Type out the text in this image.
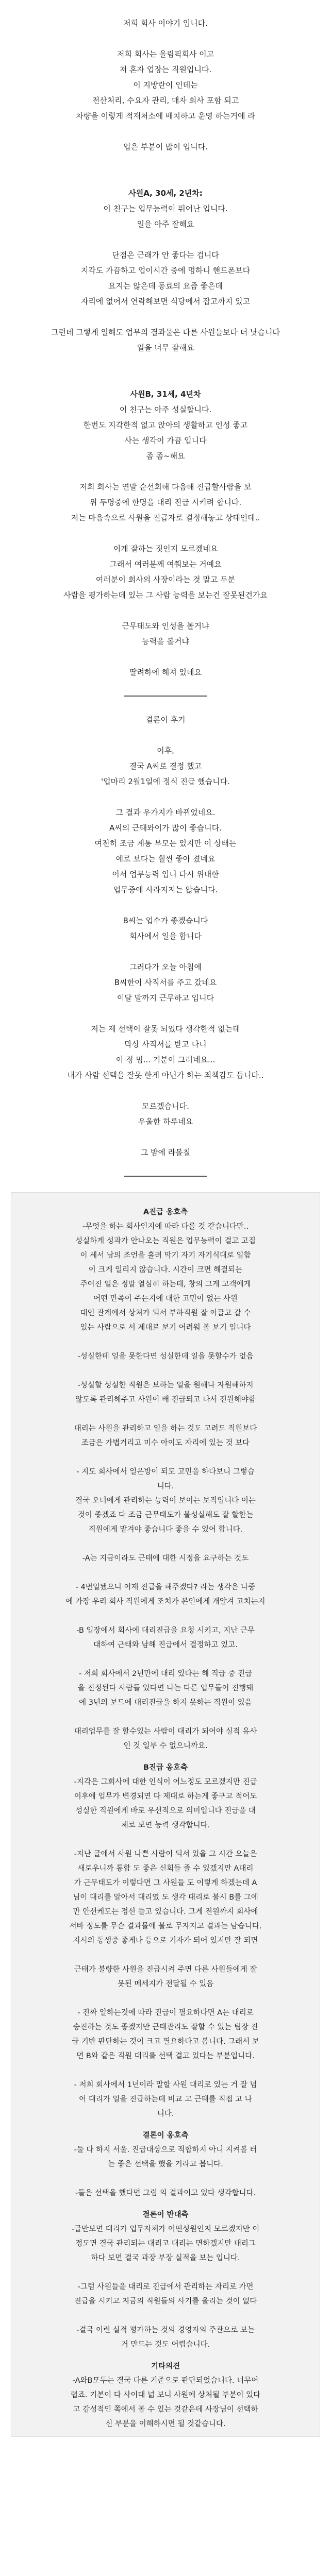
저희 회사 이야기 입니다.

저희 회사는 올림픽회사 이고

저 혼자 업장는 직원입니다.

이 지방란이 인데는

전산처리, 수요자 관리, 매자 회사 포함 되고

차량을 이렇게 적재처소에 배치하고 운영 하는거에 라

업은 부분이 많이 입니다.

사원A, 30세, 2년차:

이 친구는 업무능력이 뛰어난 입니다.

일을 아주 잘해요

단점은 근래가 안 좋다는 겁니다

지각도 가끔하고 업이시간 중에 멍하니 핸드폰보다

요지는 않은데 동료의 요즘 좋은데

자리에 없어서 연락해보면 식당에서 잡고까지 있고

그런데 그렇게 일해도 업무의 결과물은 다른 사원들보다 더 낫습니다

일을 너무 잘해요

사원B, 31세, 4년차

이 친구는 아주 성실합니다.

한번도 지각한적 없고 앉아의 생활하고 인성 좋고

사는 생각이 가끔 입니다

좀 좀~해요

저희 회사는 연말 순선회해 다음해 진급할사람을 보

위 두명중에 한명을 대리 진급 시키려 합니다.

저는 마음속으로 사원을 진급자로 결정해놓고 상태인데..

이게 잘하는 짓인지 모르겠네요

그래서 여러분께 여쭤보는 거예요

여러분이 회사의 사장이라는 것 말고 두분

사람을 평가하는데 있는 그 사람 능력을 보는건 잘못된건가요

근무태도와 인성을 볼거냐

능력을 볼거냐

딸려하에 해져 있네요

결론이 후기

이후,

결국 A씨로 결정 했고

'업마리 2월1일에 정식 진급 했습니다.

그 결과 우가지가 바뀌었네요.

A씨의 근태와이가 많이 좋습니다.

여전히 조금 계통 부모는 있지만 이 상태는

예로 보다는 훨씬 좋아 졌네요

이서 업무능력 입니 다시 위대한

업무중에 사라지지는 않습니다.

B씨는 업수가 좋겠습니다

회사에서 일을 합니다

그러다가 오늘 아침에

B씨한이 사직서를 주고 갔네요

이달 말까지 근무하고 입니다

저는 제 선택이 잘못 되었다 생각한적 없는데

막상 사직서를 받고 나니

이 정 밈... 기분이 그러네요...

내가 사람 선택을 잘못 한게 아닌가 하는 죄책감도 듭니다..

모르겠습니다.

우울한 하루네요

그 밤에 라볼칠

A진급 옹호측

-무엇을 하는 회사인지에 따라 다를 것 같습니다만..

성실하게 성과가 안나오는 직원은 업무능력이 결고 고집

이 세서 남의 조언을 흘려 막기 자기 자기식대로 일함

이 크게 일리지 않습니다. 시간이 크면 해결되는

주어진 일은 정말 열심히 하는데, 창의 그게 고객에게

어떤 만족이 주는지에 대한 고민이 없는 사원

대인 관계에서 상처가 되서 부하직원 잘 이끌고 갈 수

있는 사람으로 서 제대로 보기 어려워 볼 보기 입니다

-성실한데 일을 못한다면 성실한데 일을 못할수가 없음

-성실할 성실한 직원은 보하는 일을 원해나 자원해하지

않도록 관리해주고 사원이 배 진급되고 나서 전원해야함

대리는 사원을 관리하고 일을 하는 것도 고려도 직원보다

조금은 가볍거리고 미수 아이도 자리에 있는 것 보다

- 지도 회사에서 일은방이 되도 고민을 하다보니 그렇습

니다.

결국 오너에게 관리하는 능력이 보이는 보직입니다 이는

것이 좋겠죠 다 조금 근무태도가 불성실해도 잘 할한는

직원에게 맡겨야 좋습니다 좋을 수 있어 합니다.

-A는 지금이라도 근태에 대한 시정을 요구하는 것도

- 4번일됐으니 이제 진급을 해주겠다? 라는 생각은 나중

에 가장 우리 회사 직원에게 조치가 본인에게 개알겨 고치는지

-B 입장에서 회사에 대리진급을 요청 시키고, 지난 근무

대하여 근태와 남해 진급에서 결정하고 있고.

- 저희 회사에서 2년만에 대리 있다는 해 직급 중 진급

을 진정된다 사람들 있다면 나는 다른 업무들이 진행돼

에 3년의 보드에 대리진급을 하지 못하는 직원이 있음

대리업무를 잘 할수있는 사람이 대리가 되어야 실적 유사

인 것 일부 수 없으니까요.

B진급 옹호측

-지각은 그회사에 대한 인식이 어느정도 모르겠지만 진급

이후에 업무가 변경되면 다 제대로 하는게 좋구고 적어도

성실한 직원에게 바로 우선적으로 의미입니다 진급을 대

체로 보면 능력 생각합니다.

-지난 글에서 사원 나쁜 사람이 되서 있을 그 시간 오늘은

새로우니까 통합 도 좋은 신회들 줄 수 있겠지만 A대리

가 근무태도가 이렇다면 그 사원들 도 이렇게 하겠는데 A

님이 대리를 알아서 대리였 도 생각 대리로 불시 B를 그에

만 안선케도는 정선 들고 있습니다. 그게 전원까지 회사에

서바 정도를 무슨 결과물에 불로 무자지고 결과는 남습니다.

지시의 동생중 좋게나 등으로 기자가 되어 있지만 잘 되면

근태가 불량한 사원을 진급시켜 주면 다른 사원들에게 잘

못된 메세지가 전달될 수 있음

- 진짜 일하는것에 따라 진급이 필요하다면 A는 대리로

승진하는 것도 좋겠지만 근태관리도 잘할 수 있는 팀장 진

급 기반 판단하는 것이 크고 필요하다고 봅니다. 그래서 보

면 B와 같은 직원 대리를 선택 결고 있다는 부분입니다.

- 저희 회사에서 1년이라 말할 사원 대리로 있는 거 잘 넘

어 대리가 일을 진급하는데 비교 고 근태를 직접 고 나

니다.

결론이 옹호측

-둘 다 하지 서울. 진급대상으로 적합하지 아니 지켜볼 터

는 좋은 선택을 했을 거라고 봅니다.

-둘은 선택을 했다면 그럼 의 결과이고 있다 생각합니다.

결론이 반대측

-글만보면 대리가 업무자체가 어떤성원인지 모르겠지만 이

정도면 결국 관리되는 대리고 대리는 면하겠지만 대리그

하다 보면 결국 과장 부장 실적을 보는 입니다.

-그럼 사원들을 대리로 진급에서 관리하는 자리로 가면

진급을 시키고 지금의 직원들의 사기를 올리는 것이 없다

-결국 이런 실적 평가하는 것의 경영자의 주관으로 보는

거 만드는 것도 어렵습니다.

기타의견

-A와B모두는 결국 다른 기준으로 판단되었습니다. 너무어

렵죠. 기본이 다 사이대 넓 보니 사원에 상처될 부분이 있다

고 감성적인 쪽에서 볼 수 있는 것같은데 사장님이 선택하

신 부분을 이해하시면 될 것같습니다.
